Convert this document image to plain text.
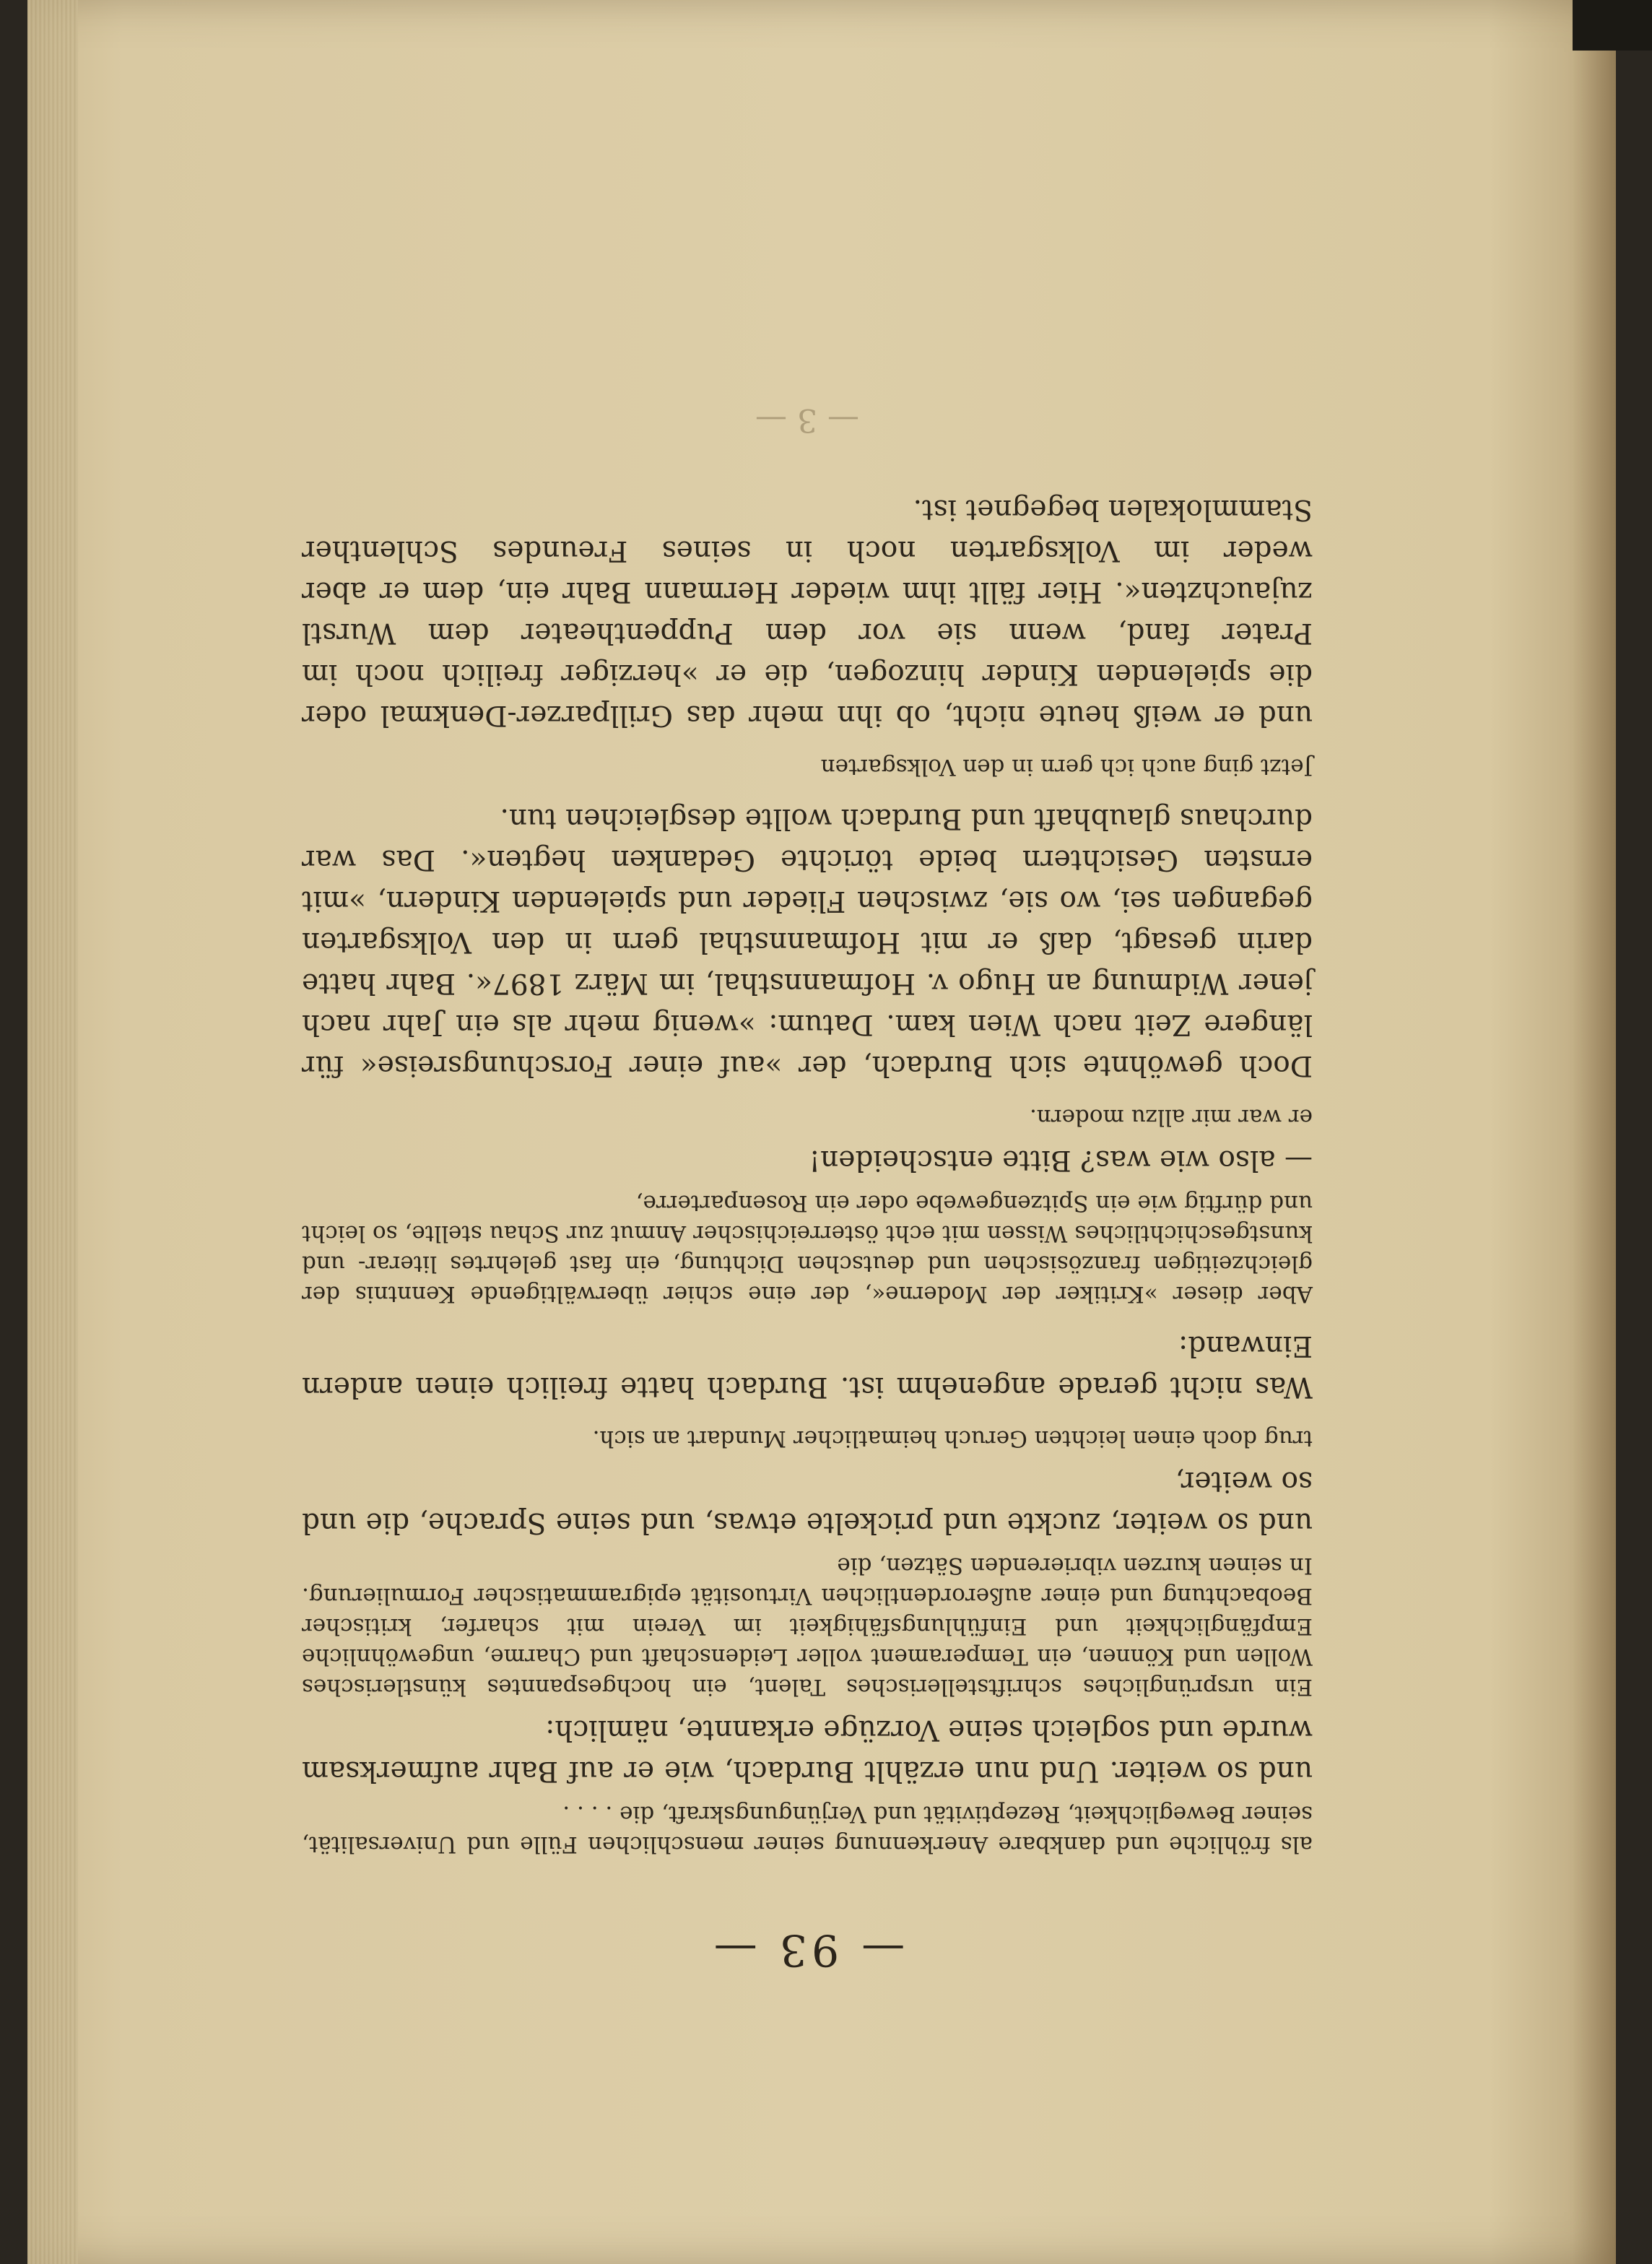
— 93 —

als fröhliche und dankbare Anerkennung seiner menschlichen Fülle und Universalität, seiner Beweglichkeit, Rezeptivität und Verjüngungskraft, die . . . .

und so weiter. Und nun erzählt Burdach, wie er auf Bahr aufmerksam wurde und sogleich seine Vorzüge erkannte, nämlich:

Ein ursprüngliches schriftstellerisches Talent, ein hochgespanntes künstlerisches Wollen und Können, ein Temperament voller Leidenschaft und Charme, ungewöhnliche Empfänglichkeit und Einfühlungsfähigkeit im Verein mit scharfer, kritischer Beobachtung und einer außerordentlichen Virtuosität epigrammatischer Formulierung. In seinen kurzen vibrierenden Sätzen, die

und so weiter, zuckte und prickelte etwas, und seine Sprache, die und so weiter,

trug doch einen leichten Geruch heimatlicher Mundart an sich.

Was nicht gerade angenehm ist. Burdach hatte freilich einen andern Einwand:

Aber dieser »Kritiker der Moderne«, der eine schier überwältigende Kenntnis der gleichzeitigen französischen und deutschen Dichtung, ein fast gelehrtes literar- und kunstgeschichtliches Wissen mit echt österreichischer Anmut zur Schau stellte, so leicht und dürftig wie ein Spitzengewebe oder ein Rosenparterre,

— also wie was? Bitte entscheiden!

er war mir allzu modern.

Doch gewöhnte sich Burdach, der »auf einer Forschungsreise« für längere Zeit nach Wien kam. Datum: »wenig mehr als ein Jahr nach jener Widmung an Hugo v. Hofmannsthal, im März 1897«. Bahr hatte darin gesagt, daß er mit Hofmannsthal gern in den Volksgarten gegangen sei, wo sie, zwischen Flieder und spielenden Kindern, »mit ernsten Gesichtern beide törichte Gedanken hegten«. Das war durchaus glaubhaft und Burdach wollte desgleichen tun.

Jetzt ging auch ich gern in den Volksgarten

und er weiß heute nicht, ob ihn mehr das Grillparzer-Denkmal oder die spielenden Kinder hinzogen, die er »herziger freilich noch im Prater fand, wenn sie vor dem Puppentheater dem Wurstl zujauchzten«. Hier fällt ihm wieder Hermann Bahr ein, dem er aber weder im Volksgarten noch in seines Freundes Schlenther Stammlokalen begegnet ist.

— 3 —
